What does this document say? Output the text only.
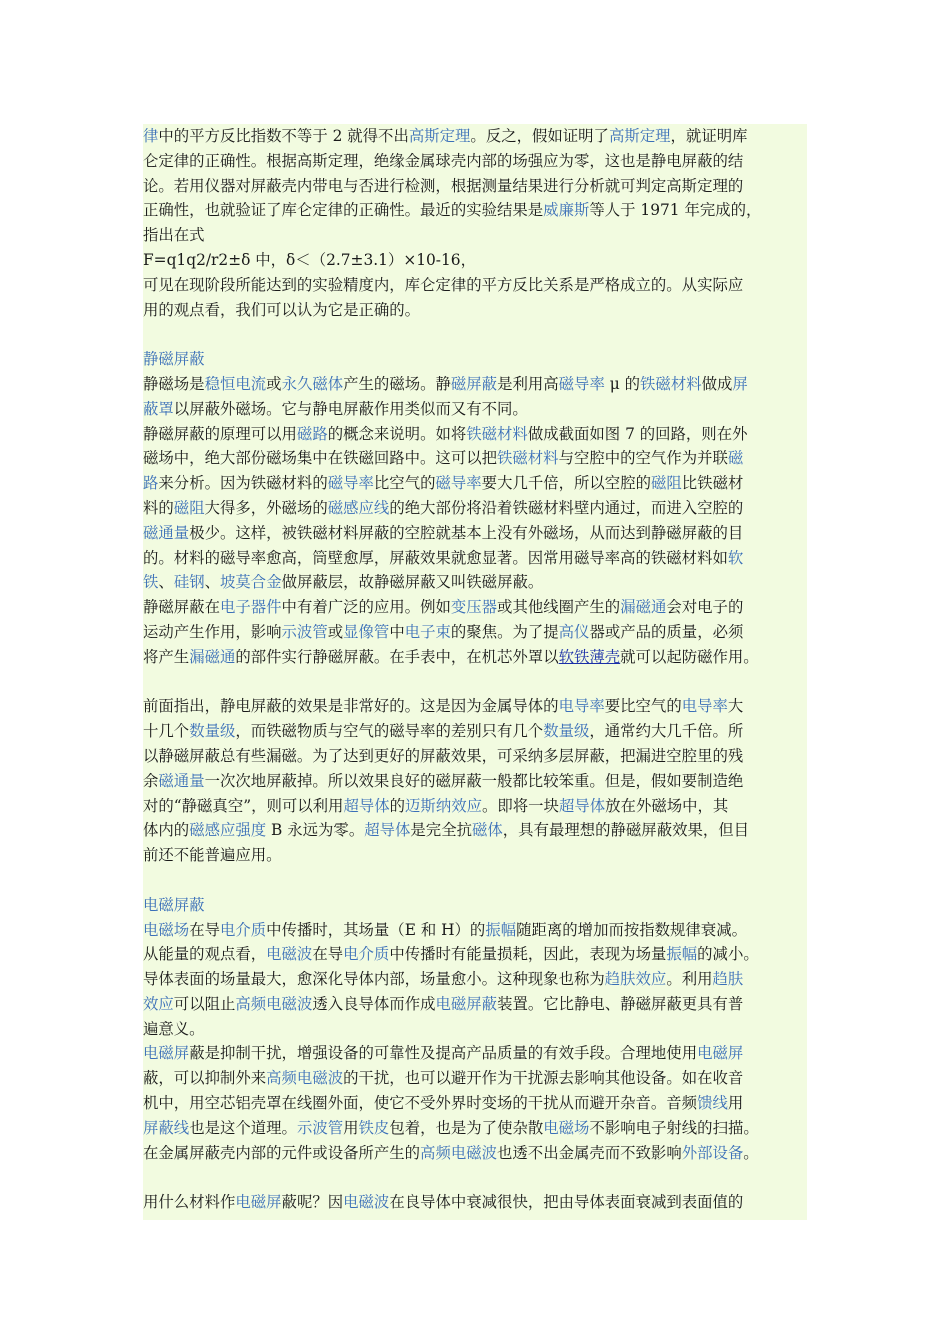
律中的平方反比指数不等于 2 就得不出高斯定理。反之，假如证明了高斯定理，就证明库
仑定律的正确性。根据高斯定理，绝缘金属球壳内部的场强应为零，这也是静电屏蔽的结
论。若用仪器对屏蔽壳内带电与否进行检测，根据测量结果进行分析就可判定高斯定理的
正确性，也就验证了库仑定律的正确性。最近的实验结果是威廉斯等人于 1971 年完成的，
指出在式
F=q1q2/r2±δ 中，δ＜（2.7±3.1）×10-16，
可见在现阶段所能达到的实验精度内，库仑定律的平方反比关系是严格成立的。从实际应
用的观点看，我们可以认为它是正确的。
静磁屏蔽
静磁场是稳恒电流或永久磁体产生的磁场。静磁屏蔽是利用高磁导率 μ 的铁磁材料做成屏
蔽罩以屏蔽外磁场。它与静电屏蔽作用类似而又有不同。
静磁屏蔽的原理可以用磁路的概念来说明。如将铁磁材料做成截面如图 7 的回路，则在外
磁场中，绝大部份磁场集中在铁磁回路中。这可以把铁磁材料与空腔中的空气作为并联磁
路来分析。因为铁磁材料的磁导率比空气的磁导率要大几千倍，所以空腔的磁阻比铁磁材
料的磁阻大得多，外磁场的磁感应线的绝大部份将沿着铁磁材料壁内通过，而进入空腔的
磁通量极少。这样，被铁磁材料屏蔽的空腔就基本上没有外磁场，从而达到静磁屏蔽的目
的。材料的磁导率愈高，筒壁愈厚，屏蔽效果就愈显著。因常用磁导率高的铁磁材料如软
铁、硅钢、坡莫合金做屏蔽层，故静磁屏蔽又叫铁磁屏蔽。
静磁屏蔽在电子器件中有着广泛的应用。例如变压器或其他线圈产生的漏磁通会对电子的
运动产生作用，影响示波管或显像管中电子束的聚焦。为了提高仪器或产品的质量，必须
将产生漏磁通的部件实行静磁屏蔽。在手表中，在机芯外罩以软铁薄壳就可以起防磁作用。
前面指出，静电屏蔽的效果是非常好的。这是因为金属导体的电导率要比空气的电导率大
十几个数量级，而铁磁物质与空气的磁导率的差别只有几个数量级，通常约大几千倍。所
以静磁屏蔽总有些漏磁。为了达到更好的屏蔽效果，可采纳多层屏蔽，把漏进空腔里的残
余磁通量一次次地屏蔽掉。所以效果良好的磁屏蔽一般都比较笨重。但是，假如要制造绝
对的“静磁真空”，则可以利用超导体的迈斯纳效应。即将一块超导体放在外磁场中，其
体内的磁感应强度 B 永远为零。超导体是完全抗磁体，具有最理想的静磁屏蔽效果，但目
前还不能普遍应用。
电磁屏蔽
电磁场在导电介质中传播时，其场量（E 和 H）的振幅随距离的增加而按指数规律衰减。
从能量的观点看，电磁波在导电介质中传播时有能量损耗，因此，表现为场量振幅的减小。
导体表面的场量最大，愈深化导体内部，场量愈小。这种现象也称为趋肤效应。利用趋肤
效应可以阻止高频电磁波透入良导体而作成电磁屏蔽装置。它比静电、静磁屏蔽更具有普
遍意义。
电磁屏蔽是抑制干扰，增强设备的可靠性及提高产品质量的有效手段。合理地使用电磁屏
蔽，可以抑制外来高频电磁波的干扰，也可以避开作为干扰源去影响其他设备。如在收音
机中，用空芯铝壳罩在线圈外面，使它不受外界时变场的干扰从而避开杂音。音频馈线用
屏蔽线也是这个道理。示波管用铁皮包着，也是为了使杂散电磁场不影响电子射线的扫描。
在金属屏蔽壳内部的元件或设备所产生的高频电磁波也透不出金属壳而不致影响外部设备。
用什么材料作电磁屏蔽呢？因电磁波在良导体中衰减很快，把由导体表面衰减到表面值的
